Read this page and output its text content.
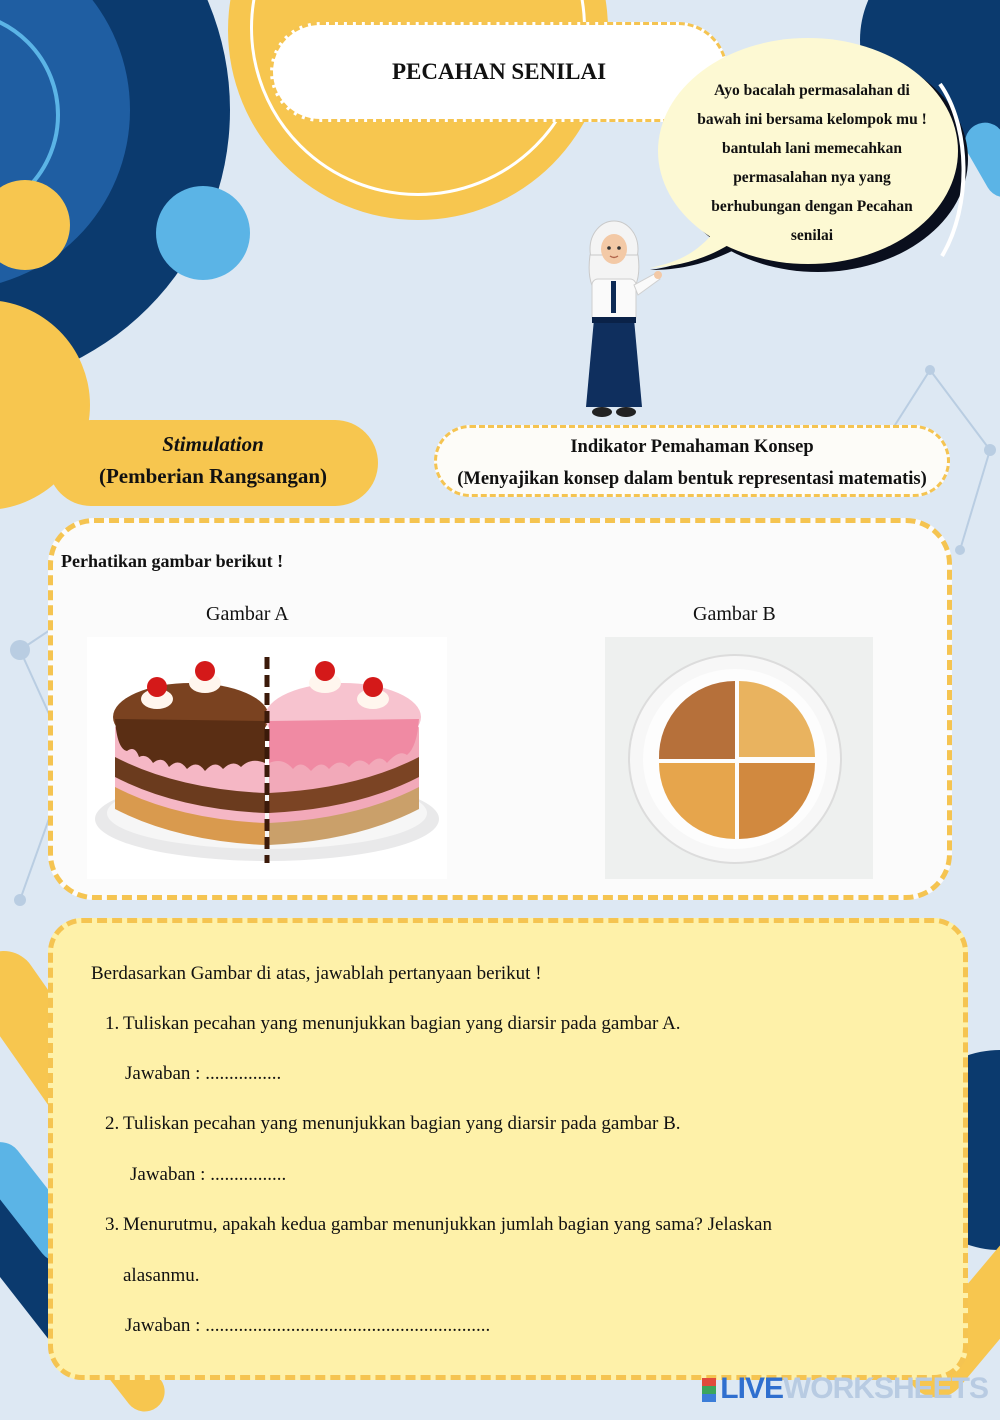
PECAHAN SENILAI
Ayo bacalah permasalahan di
bawah ini bersama kelompok mu !
bantulah lani memecahkan
permasalahan nya yang
berhubungan dengan Pecahan
senilai
Stimulation
(Pemberian Rangsangan)
Indikator Pemahaman Konsep
(Menyajikan konsep dalam bentuk representasi matematis)
Perhatikan gambar berikut !
Gambar A	Gambar B
Berdasarkan Gambar di atas, jawablah pertanyaan berikut !
1. Tuliskan pecahan yang menunjukkan bagian yang diarsir pada gambar A.
Jawaban : ................
2. Tuliskan pecahan yang menunjukkan bagian yang diarsir pada gambar B.
Jawaban : ................
3. Menurutmu, apakah kedua gambar menunjukkan jumlah bagian yang sama? Jelaskan
alasanmu.
Jawaban : ............................................................
LIVEWORKSHEETS
